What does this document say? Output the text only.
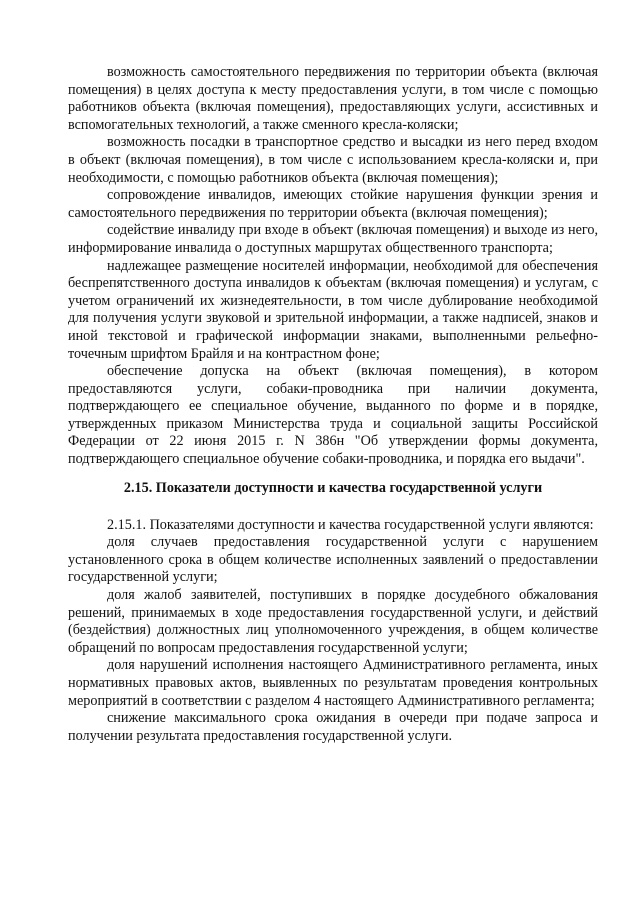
возможность самостоятельного передвижения по территории объекта (включая помещения) в целях доступа к месту предоставления услуги, в том числе с помощью работников объекта (включая помещения), предоставляющих услуги, ассистивных и вспомогательных технологий, а также сменного кресла-коляски;

возможность посадки в транспортное средство и высадки из него перед входом в объект (включая помещения), в том числе с использованием кресла-коляски и, при необходимости, с помощью работников объекта (включая помещения);

сопровождение инвалидов, имеющих стойкие нарушения функции зрения и самостоятельного передвижения по территории объекта (включая помещения);

содействие инвалиду при входе в объект (включая помещения) и выходе из него, информирование инвалида о доступных маршрутах общественного транспорта;

надлежащее размещение носителей информации, необходимой для обеспечения беспрепятственного доступа инвалидов к объектам (включая помещения) и услугам, с учетом ограничений их жизнедеятельности, в том числе дублирование необходимой для получения услуги звуковой и зрительной информации, а также надписей, знаков и иной текстовой и графической информации знаками, выполненными рельефно-точечным шрифтом Брайля и на контрастном фоне;

обеспечение допуска на объект (включая помещения), в котором предоставляются услуги, собаки-проводника при наличии документа, подтверждающего ее специальное обучение, выданного по форме и в порядке, утвержденных приказом Министерства труда и социальной защиты Российской Федерации от 22 июня 2015 г. N 386н "Об утверждении формы документа, подтверждающего специальное обучение собаки-проводника, и порядка его выдачи".

2.15. Показатели доступности и качества государственной услуги

2.15.1. Показателями доступности и качества государственной услуги являются:

доля случаев предоставления государственной услуги с нарушением установленного срока в общем количестве исполненных заявлений о предоставлении государственной услуги;

доля жалоб заявителей, поступивших в порядке досудебного обжалования решений, принимаемых в ходе предоставления государственной услуги, и действий (бездействия) должностных лиц уполномоченного учреждения, в общем количестве обращений по вопросам предоставления государственной услуги;

доля нарушений исполнения настоящего Административного регламента, иных нормативных правовых актов, выявленных по результатам проведения контрольных мероприятий в соответствии с разделом 4 настоящего Административного регламента;

снижение максимального срока ожидания в очереди при подаче запроса и получении результата предоставления государственной услуги.
